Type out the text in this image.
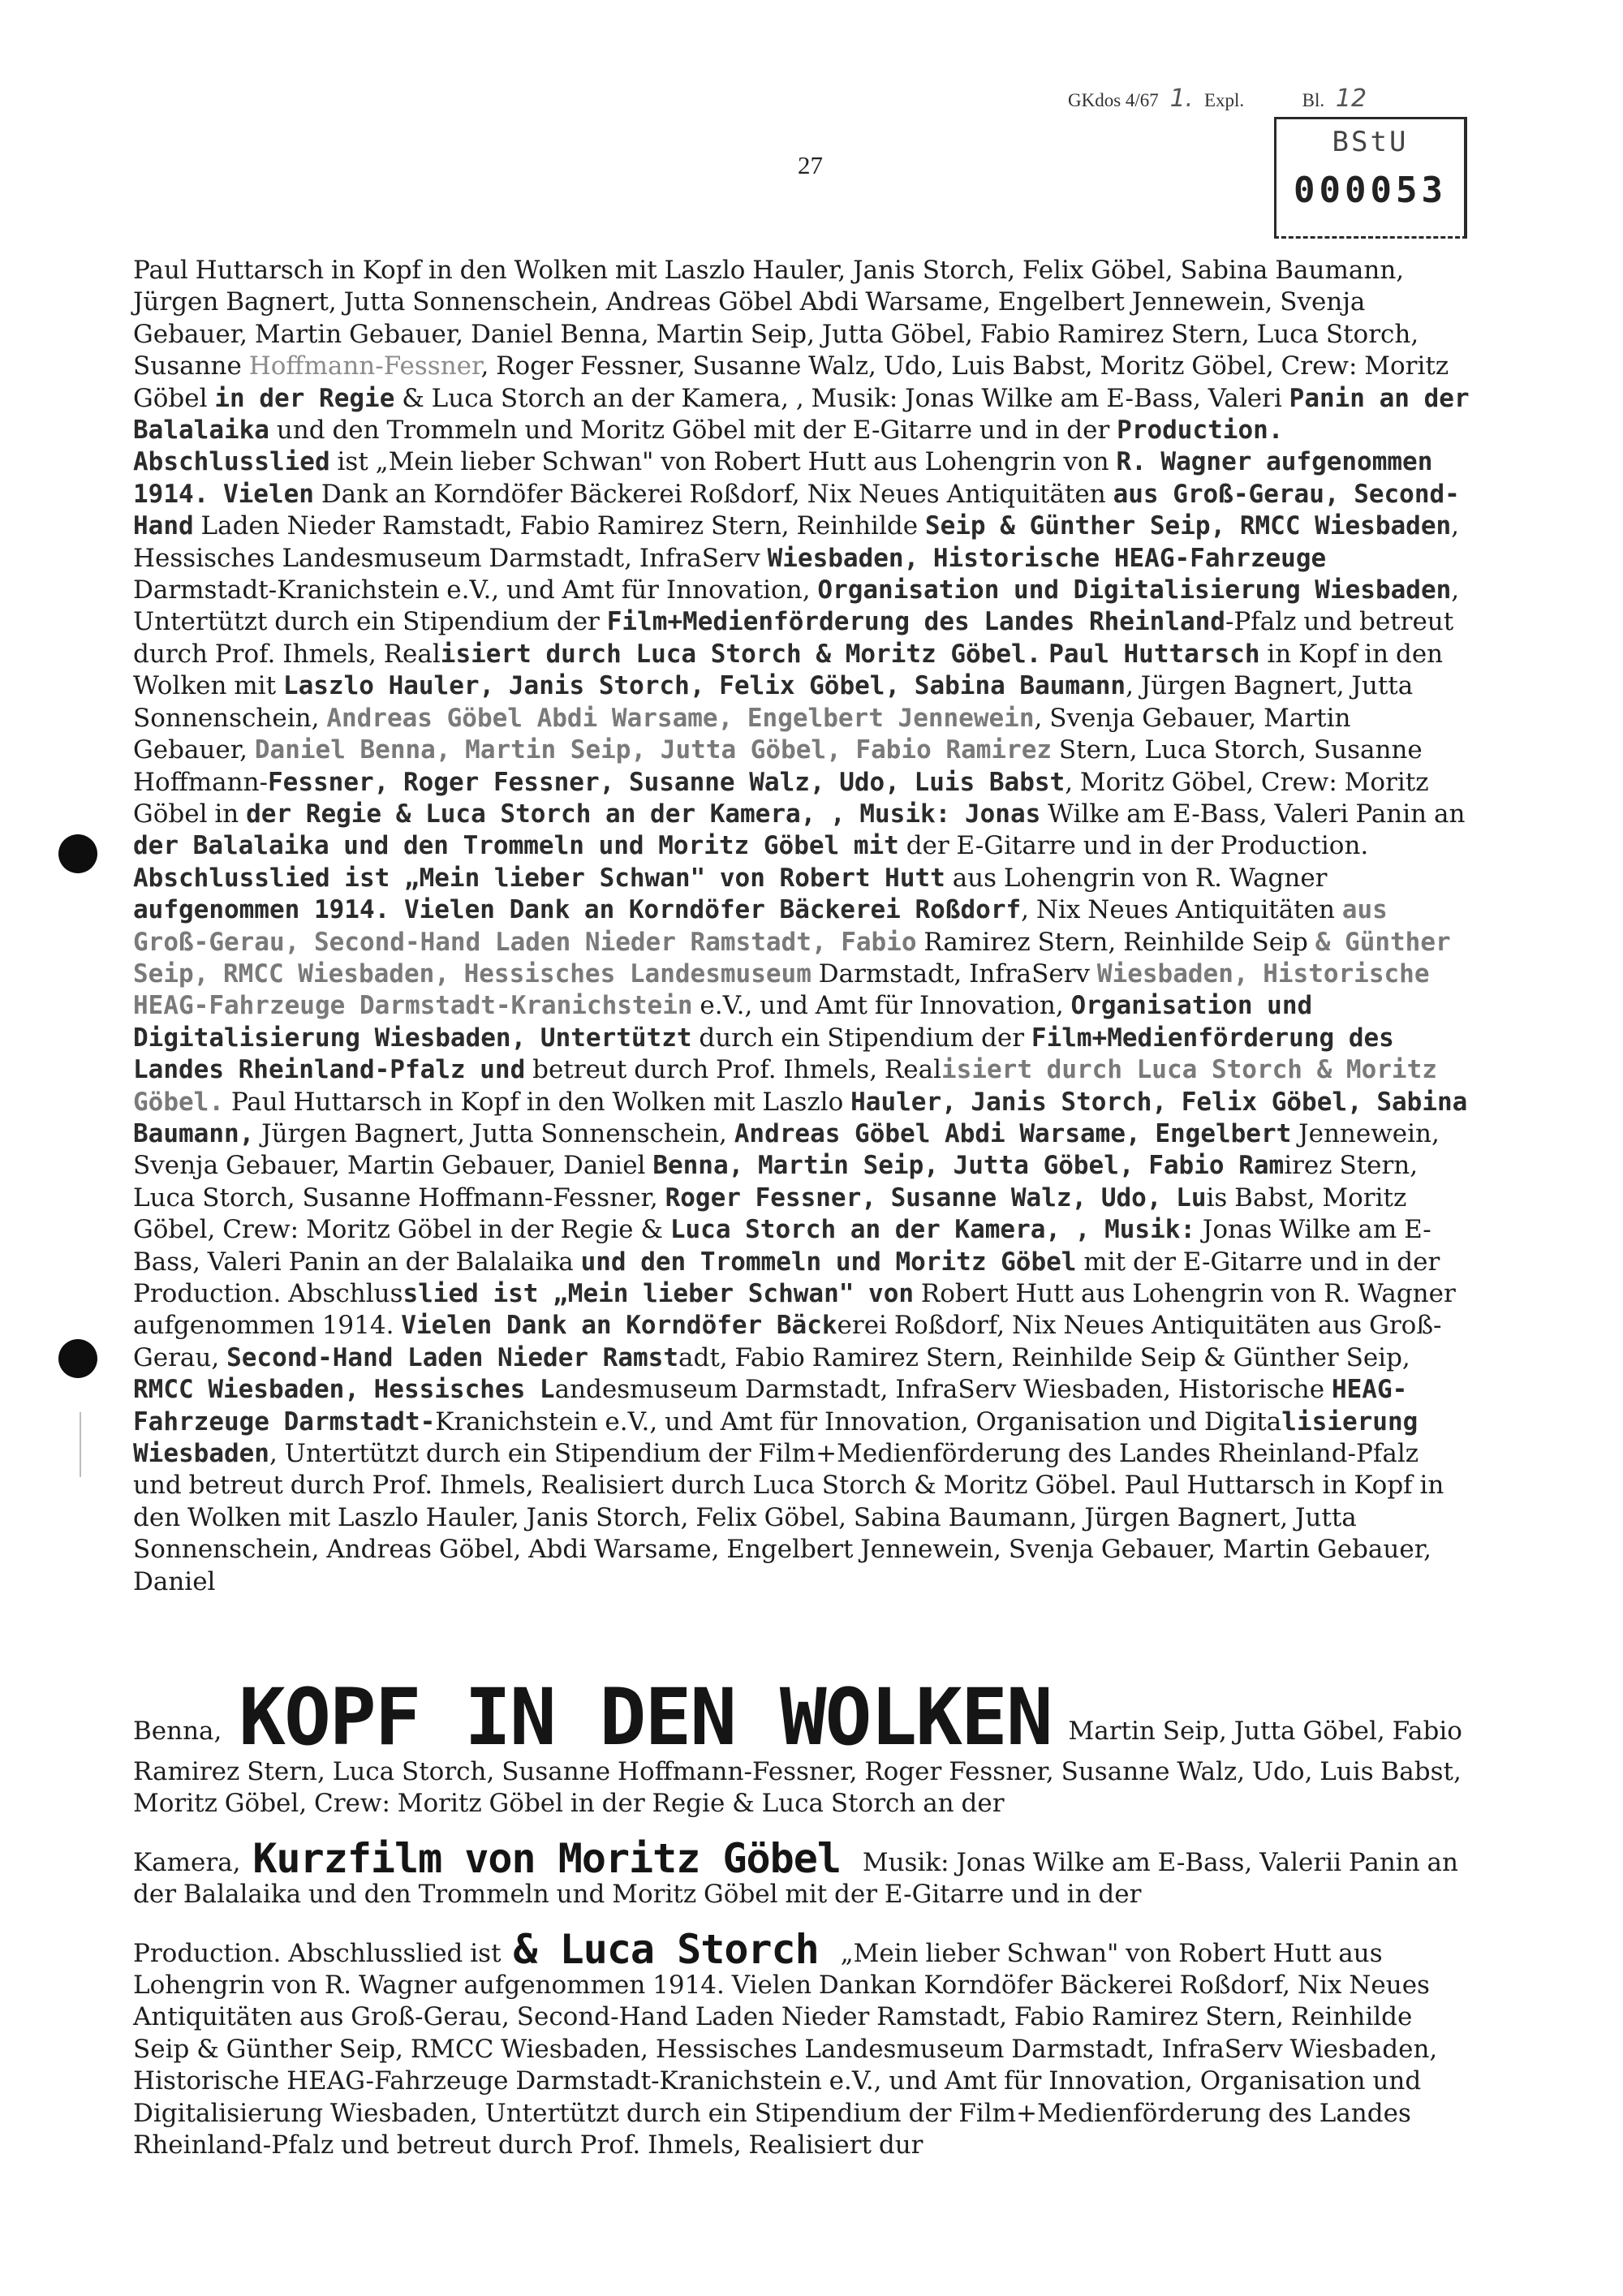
GKdos 4/67 1. Expl.	Bl. 12
BStU
000053
27

Paul Huttarsch in Kopf in den Wolken mit Laszlo Hauler, Janis Storch, Felix Göbel, Sabina Baumann, Jürgen Bagnert, Jutta Sonnenschein, Andreas Göbel Abdi Warsame, Engelbert Jennewein, Svenja Gebauer, Martin Gebauer, Daniel Benna, Martin Seip, Jutta Göbel, Fabio Ramirez Stern, Luca Storch, Susanne Hoffmann-Fessner, Roger Fessner, Susanne Walz, Udo, Luis Babst, Moritz Göbel, Crew: Moritz Göbel in der Regie & Luca Storch an der Kamera, , Musik: Jonas Wilke am E-Bass, Valeri Panin an der Balalaika und den Trommeln und Moritz Göbel mit der E-Gitarre und in der Production. Abschlusslied ist „Mein lieber Schwan" von Robert Hutt aus Lohengrin von R. Wagner aufgenommen 1914. Vielen Dank an Korndöfer Bäckerei Roßdorf, Nix Neues Antiquitäten aus Groß-Gerau, Second-Hand Laden Nieder Ramstadt, Fabio Ramirez Stern, Reinhilde Seip & Günther Seip, RMCC Wiesbaden, Hessisches Landesmuseum Darmstadt, InfraServ Wiesbaden, Historische HEAG-Fahrzeuge Darmstadt-Kranichstein e.V., und Amt für Innovation, Organisation und Digitalisierung Wiesbaden, Untertützt durch ein Stipendium der Film+Medienförderung des Landes Rheinland-Pfalz und betreut durch Prof. Ihmels, Realisiert durch Luca Storch & Moritz Göbel. Paul Huttarsch in Kopf in den Wolken mit Laszlo Hauler, Janis Storch, Felix Göbel, Sabina Baumann, Jürgen Bagnert, Jutta Sonnenschein, Andreas Göbel Abdi Warsame, Engelbert Jennewein, Svenja Gebauer, Martin Gebauer, Daniel Benna, Martin Seip, Jutta Göbel, Fabio Ramirez Stern, Luca Storch, Susanne Hoffmann-Fessner, Roger Fessner, Susanne Walz, Udo, Luis Babst, Moritz Göbel, Crew: Moritz Göbel in der Regie & Luca Storch an der Kamera, , Musik: Jonas Wilke am E-Bass, Valeri Panin an der Balalaika und den Trommeln und Moritz Göbel mit der E-Gitarre und in der Production. Abschlusslied ist „Mein lieber Schwan" von Robert Hutt aus Lohengrin von R. Wagner aufgenommen 1914. Vielen Dank an Korndöfer Bäckerei Roßdorf, Nix Neues Antiquitäten aus Groß-Gerau, Second-Hand Laden Nieder Ramstadt, Fabio Ramirez Stern, Reinhilde Seip & Günther Seip, RMCC Wiesbaden, Hessisches Landesmuseum Darmstadt, InfraServ Wiesbaden, Historische HEAG-Fahrzeuge Darmstadt-Kranichstein e.V., und Amt für Innovation, Organisation und Digitalisierung Wiesbaden, Untertützt durch ein Stipendium der Film+Medienförderung des Landes Rheinland-Pfalz und betreut durch Prof. Ihmels, Realisiert durch Luca Storch & Moritz Göbel. Paul Huttarsch in Kopf in den Wolken mit Laszlo Hauler, Janis Storch, Felix Göbel, Sabina Baumann, Jürgen Bagnert, Jutta Sonnenschein, Andreas Göbel Abdi Warsame, Engelbert Jennewein, Svenja Gebauer, Martin Gebauer, Daniel Benna, Martin Seip, Jutta Göbel, Fabio Ramirez Stern, Luca Storch, Susanne Hoffmann-Fessner, Roger Fessner, Susanne Walz, Udo, Luis Babst, Moritz Göbel, Crew: Moritz Göbel in der Regie & Luca Storch an der Kamera, , Musik: Jonas Wilke am E-Bass, Valeri Panin an der Balalaika und den Trommeln und Moritz Göbel mit der E-Gitarre und in der Production. Abschlusslied ist „Mein lieber Schwan" von Robert Hutt aus Lohengrin von R. Wagner aufgenommen 1914. Vielen Dank an Korndöfer Bäckerei Roßdorf, Nix Neues Antiquitäten aus Groß-Gerau, Second-Hand Laden Nieder Ramstadt, Fabio Ramirez Stern, Reinhilde Seip & Günther Seip, RMCC Wiesbaden, Hessisches Landesmuseum Darmstadt, InfraServ Wiesbaden, Historische HEAG-Fahrzeuge Darmstadt-Kranichstein e.V., und Amt für Innovation, Organisation und Digitalisierung Wiesbaden, Untertützt durch ein Stipendium der Film+Medienförderung des Landes Rheinland-Pfalz und betreut durch Prof. Ihmels, Realisiert durch Luca Storch & Moritz Göbel. Paul Huttarsch in Kopf in den Wolken mit Laszlo Hauler, Janis Storch, Felix Göbel, Sabina Baumann, Jürgen Bagnert, Jutta Sonnenschein, Andreas Göbel, Abdi Warsame, Engelbert Jennewein, Svenja Gebauer, Martin Gebauer, Daniel

Benna, KOPF IN DEN WOLKEN Martin Seip, Jutta Göbel, Fabio Ramirez Stern, Luca Storch, Susanne Hoffmann-Fessner, Roger Fessner, Susanne Walz, Udo, Luis Babst, Moritz Göbel, Crew: Moritz Göbel in der Regie & Luca Storch an der

Kamera, Kurzfilm von Moritz Göbel Musik: Jonas Wilke am E-Bass, Valerii Panin an der Balalaika und den Trommeln und Moritz Göbel mit der E-Gitarre und in der

Production. Abschlusslied ist & Luca Storch „Mein lieber Schwan" von Robert Hutt aus Lohengrin von R. Wagner aufgenommen 1914. Vielen Dankan Korndöfer Bäckerei Roßdorf, Nix Neues Antiquitäten aus Groß-Gerau, Second-Hand Laden Nieder Ramstadt, Fabio Ramirez Stern, Reinhilde Seip & Günther Seip, RMCC Wiesbaden, Hessisches Landesmuseum Darmstadt, InfraServ Wiesbaden, Historische HEAG-Fahrzeuge Darmstadt-Kranichstein e.V., und Amt für Innovation, Organisation und Digitalisierung Wiesbaden, Untertützt durch ein Stipendium der Film+Medienförderung des Landes Rheinland-Pfalz und betreut durch Prof. Ihmels, Realisiert dur
